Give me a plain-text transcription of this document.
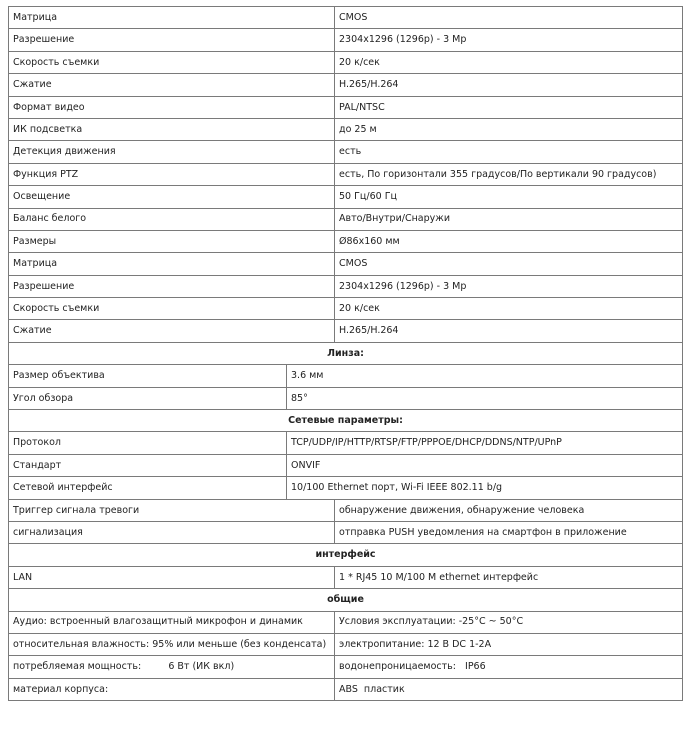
Матрица		CMOS
Разрешение		2304x1296 (1296p) - 3 Mp
Скорость съемки		20 к/сек
Сжатие		H.265/H.264
Формат видео		PAL/NTSC
ИК подсветка		до 25 м
Детекция движения		есть
Функция PTZ		есть, По горизонтали 355 градусов/По вертикали 90 градусов)
Освещение		50 Гц/60 Гц
Баланс белого		Авто/Внутри/Снаружи
Размеры		Ø86x160 мм
Матрица		CMOS
Разрешение		2304x1296 (1296p) - 3 Mp
Скорость съемки		20 к/сек
Сжатие		H.265/H.264
Линза:		
Размер объектива	3.6 мм	
Угол обзора	85°	
Сетевые параметры:		
Протокол	TCP/UDP/IP/HTTP/RTSP/FTP/PPPOE/DHCP/DDNS/NTP/UPnP	
Стандарт	ONVIF	
Сетевой интерфейс	10/100 Ethernet порт, Wi-Fi IEEE 802.11 b/g	
Триггер сигнала тревоги		обнаружение движения, обнаружение человека
сигнализация		отправка PUSH уведомления на смартфон в приложение
интерфейс		
LAN		1 * RJ45 10 M/100 M ethernet интерфейс
общие		
Аудио: встроенный влагозащитный микрофон и динамик		Условия эксплуатации: -25°C ~ 50°C
относительная влажность: 95% или меньше (без конденсата)		электропитание: 12 В DC 1-2A
потребляемая мощность:         6 Вт (ИК вкл)		водонепроницаемость:   IP66
материал корпуса:		ABS  пластик
